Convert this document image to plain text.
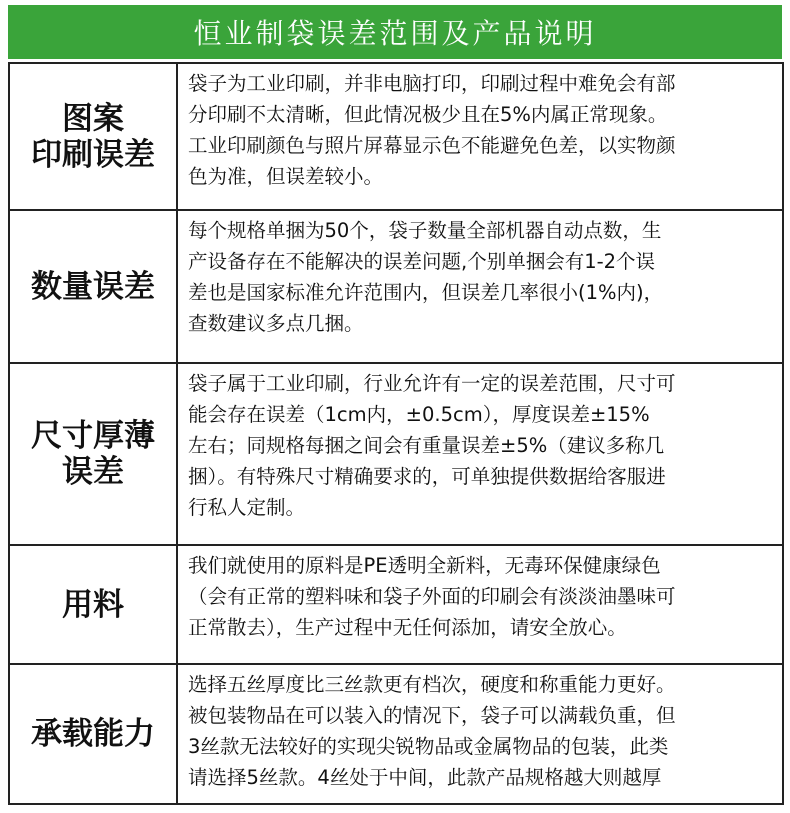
恒业制袋误差范围及产品说明
图案
印刷误差
袋子为工业印刷，并非电脑打印，印刷过程中难免会有部
分印刷不太清晰，但此情况极少且在5%内属正常现象。
工业印刷颜色与照片屏幕显示色不能避免色差，以实物颜
色为准，但误差较小。
数量误差
每个规格单捆为50个，袋子数量全部机器自动点数，生
产设备存在不能解决的误差问题,个别单捆会有1-2个误
差也是国家标准允许范围内，但误差几率很小(1%内)，
查数建议多点几捆。
尺寸厚薄
误差
袋子属于工业印刷，行业允许有一定的误差范围，尺寸可
能会存在误差（1cm内，±0.5cm），厚度误差±15%
左右；同规格每捆之间会有重量误差±5%（建议多称几
捆）。有特殊尺寸精确要求的，可单独提供数据给客服进
行私人定制。
用料
我们就使用的原料是PE透明全新料，无毒环保健康绿色
（会有正常的塑料味和袋子外面的印刷会有淡淡油墨味可
正常散去），生产过程中无任何添加，请安全放心。
承载能力
选择五丝厚度比三丝款更有档次，硬度和称重能力更好。
被包装物品在可以装入的情况下，袋子可以满载负重，但
3丝款无法较好的实现尖锐物品或金属物品的包装，此类
请选择5丝款。4丝处于中间，此款产品规格越大则越厚
